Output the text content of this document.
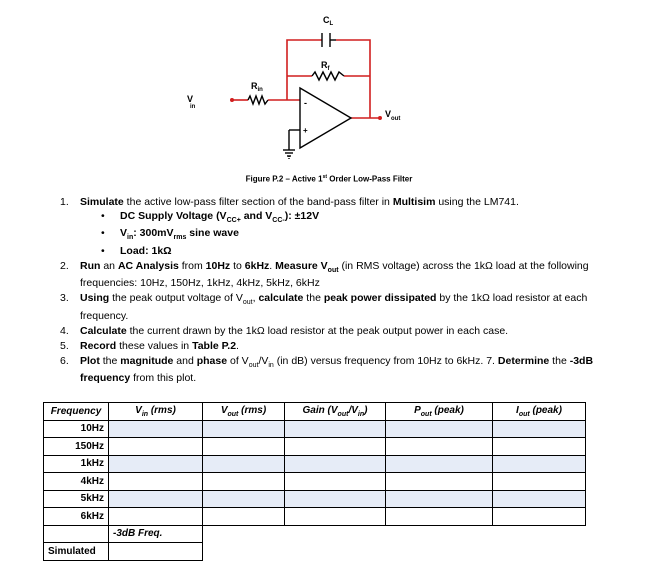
$C_L$
$R_f$
$R_{in}$
V in
$V_{out}$
-
+
Figure P.2 – Active 1st Order Low-Pass Filter
1. Simulate the active low-pass filter section of the band-pass filter in Multisim using the LM741.
• DC Supply Voltage ($V_{CC+}$ and $V_{CC-}$): ±12V
• $V_{in}$: $300mV_{rms}$ sine wave
• Load: 1kΩ
2. Run an AC Analysis from 10Hz to 6kHz. Measure $V_{out}$ (in RMS voltage) across the 1kΩ load at the following frequencies: 10Hz, 150Hz, 1kHz, 4kHz, 5kHz, 6kHz
3. Using the peak output voltage of $V_{out}$, calculate the peak power dissipated by the 1kΩ load resistor at each frequency.
4. Calculate the current drawn by the 1kΩ load resistor at the peak output power in each case.
5. Record these values in Table P.2.
6. Plot the magnitude and phase of $V_{out}/V_{in}$ (in dB) versus frequency from 10Hz to 6kHz. 7. Determine the -3dB frequency from this plot.
Frequency	$V_{in}$ (rms)	$V_{out}$ (rms)	Gain $(V_{out}/V_{in})$	$P_{out}$ (peak)	$I_{out}$ (peak)
10Hz					
150Hz					
1kHz					
4kHz					
5kHz					
6kHz					
	-3dB Freq.				
Simulated					
